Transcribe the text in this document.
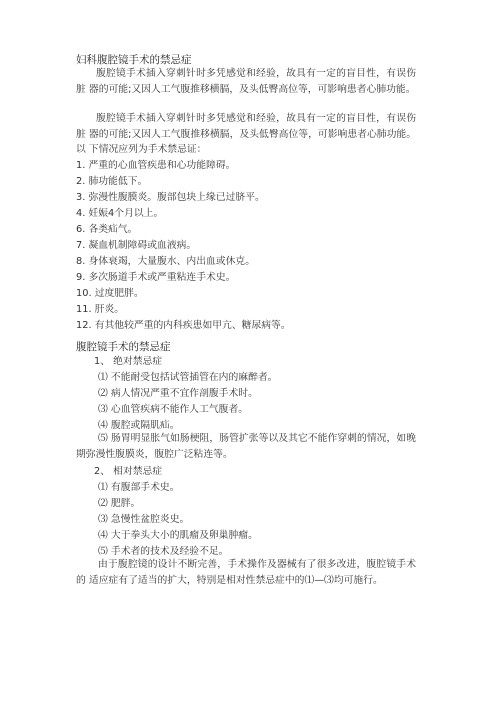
妇科腹腔镜手术的禁忌症
腹腔镜手术插入穿刺针时多凭感觉和经验，故具有一定的盲目性，有误伤脏 器的可能;又因人工气腹推移横膈，及头低臀高位等，可影响患者心肺功能。
腹腔镜手术插入穿刺针时多凭感觉和经验，故具有一定的盲目性，有误伤脏 器的可能;又因人工气腹推移横膈，及头低臀高位等，可影响患者心肺功能。以 下情况应列为手术禁忌证：
1. 严重的心血管疾患和心功能障碍。
2. 肺功能低下。
3. 弥漫性腹膜炎。腹部包块上缘已过脐平。
4. 妊娠4个月以上。
6. 各类疝气。
7. 凝血机制障碍或血液病。
8. 身体衰竭，大量腹水、内出血或休克。
9. 多次肠道手术或严重粘连手术史。
10. 过度肥胖。
11. 肝炎。
12. 有其他较严重的内科疾患如甲亢、糖尿病等。
腹腔镜手术的禁忌症
1、 绝对禁忌症
⑴ 不能耐受包括试管插管在内的麻醉者。
⑵ 病人情况严重不宜作剖腹手术时。
⑶ 心血管疾病不能作人工气腹者。
⑷ 腹腔或隔肌疝。
⑸ 肠胃明显胀气如肠梗阻，肠管扩张等以及其它不能作穿刺的情况，如晚 期弥漫性腹膜炎，腹腔广泛粘连等。
2、 相对禁忌症
⑴ 有腹部手术史。
⑵ 肥胖。
⑶ 急慢性盆腔炎史。
⑷ 大于拳头大小的肌瘤及卵巢肿瘤。
⑸ 手术者的技术及经验不足。
由于腹腔镜的设计不断完善，手术操作及器械有了很多改进，腹腔镜手术的 适应症有了适当的扩大，特别是相对性禁忌症中的⑴—⑶均可施行。
